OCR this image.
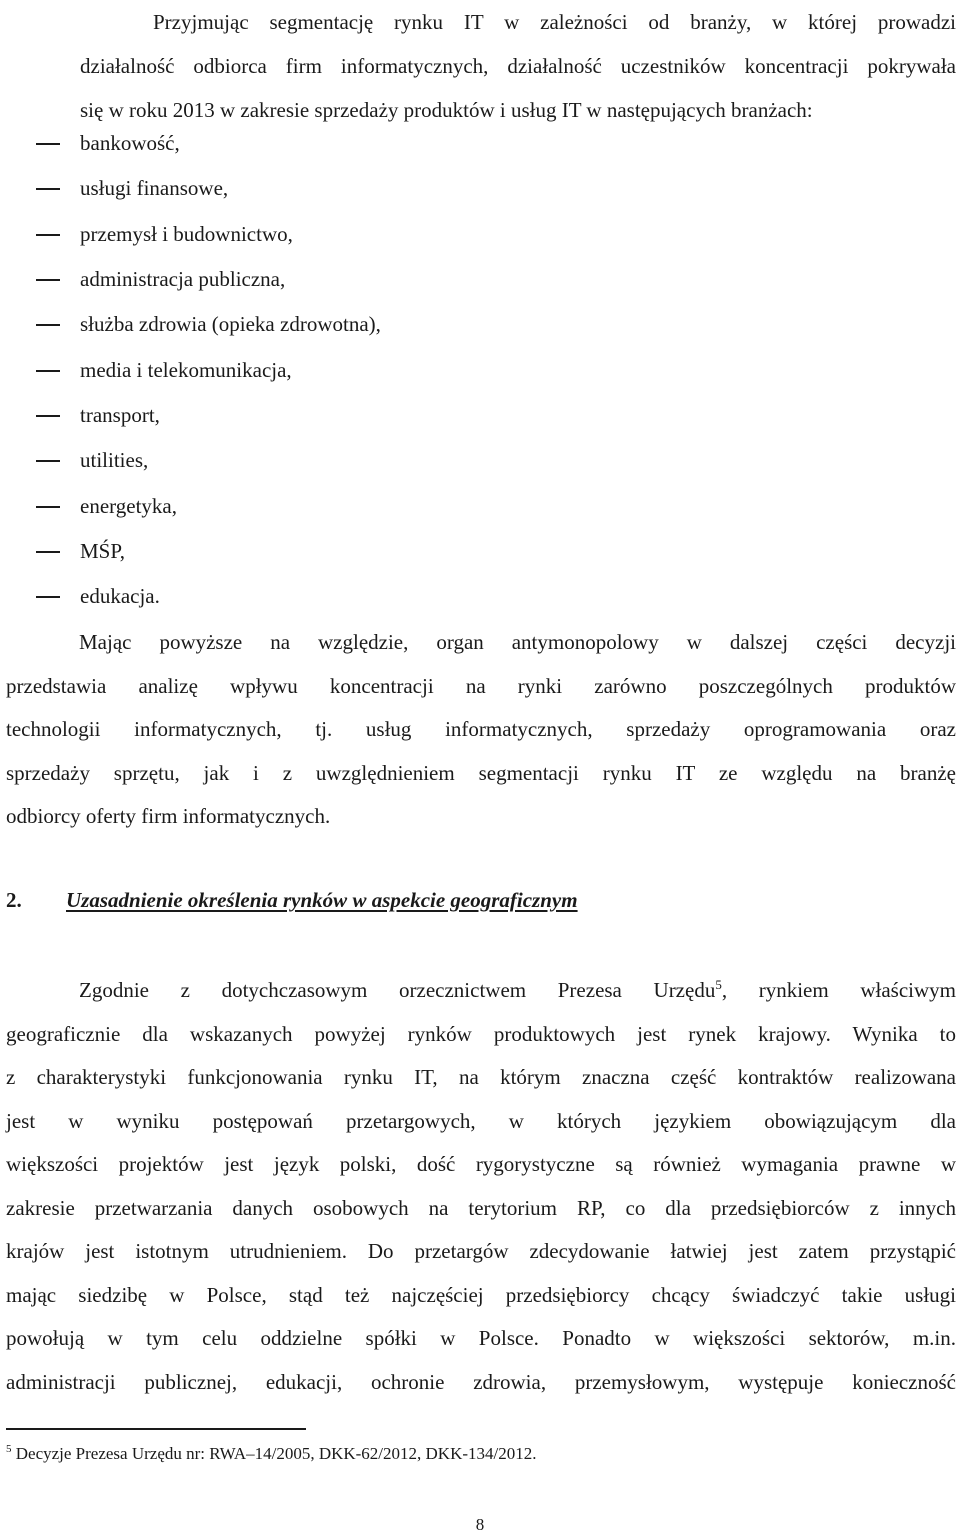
Przyjmując segmentację rynku IT w zależności od branży, w której prowadzi
działalność odbiorca firm informatycznych, działalność uczestników koncentracji pokrywała
się w roku 2013 w zakresie sprzedaży produktów i usług IT w następujących branżach:
bankowość,
usługi finansowe,
przemysł i budownictwo,
administracja publiczna,
służba zdrowia (opieka zdrowotna),
media i telekomunikacja,
transport,
utilities,
energetyka,
MŚP,
edukacja.
Mając powyższe na względzie, organ antymonopolowy w dalszej części decyzji
przedstawia analizę wpływu koncentracji na rynki zarówno poszczególnych produktów
technologii informatycznych, tj. usług informatycznych, sprzedaży oprogramowania oraz
sprzedaży sprzętu, jak i z uwzględnieniem segmentacji rynku IT ze względu na branżę
odbiorcy oferty firm informatycznych.
2. Uzasadnienie określenia rynków w aspekcie geograficznym
Zgodnie z dotychczasowym orzecznictwem Prezesa Urzędu$^5$, rynkiem właściwym
geograficznie dla wskazanych powyżej rynków produktowych jest rynek krajowy. Wynika to
z charakterystyki funkcjonowania rynku IT, na którym znaczna część kontraktów realizowana
jest w wyniku postępowań przetargowych, w których językiem obowiązującym dla
większości projektów jest język polski, dość rygorystyczne są również wymagania prawne w
zakresie przetwarzania danych osobowych na terytorium RP, co dla przedsiębiorców z innych
krajów jest istotnym utrudnieniem. Do przetargów zdecydowanie łatwiej jest zatem przystąpić
mając siedzibę w Polsce, stąd też najczęściej przedsiębiorcy chcący świadczyć takie usługi
powołują w tym celu oddzielne spółki w Polsce. Ponadto w większości sektorów, m.in.
administracji publicznej, edukacji, ochronie zdrowia, przemysłowym, występuje konieczność
$^5$ Decyzje Prezesa Urzędu nr: RWA–14/2005, DKK-62/2012, DKK-134/2012.
8
